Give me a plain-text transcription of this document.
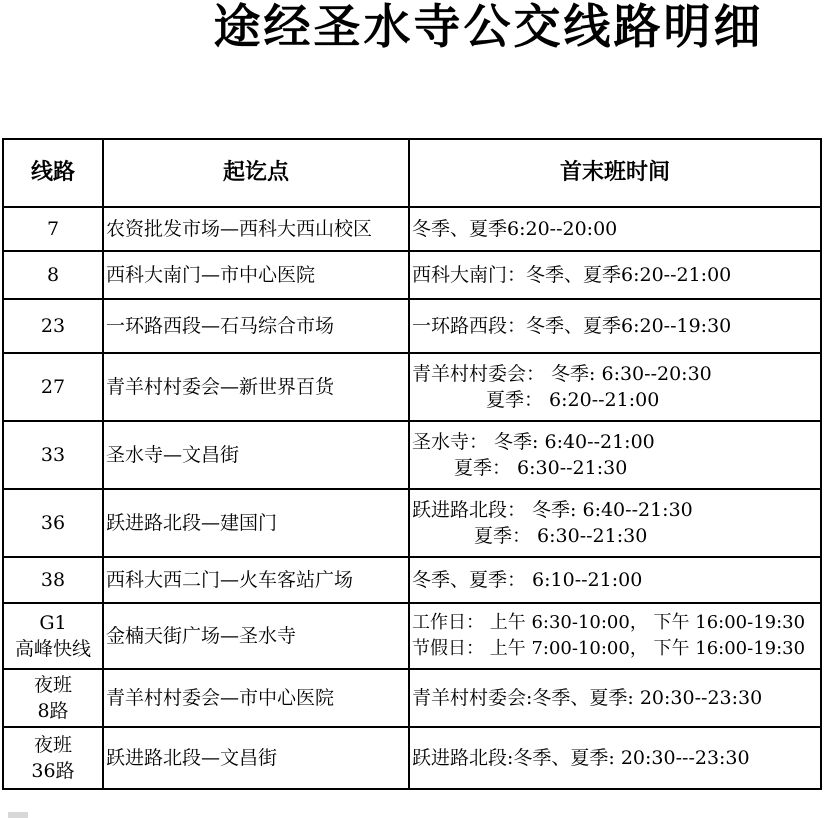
途经圣水寺公交线路明细
线路	起讫点	首末班时间
7	农资批发市场—西科大西山校区	冬季、夏季6:20--20:00
8	西科大南门—市中心医院	西科大南门：冬季、夏季6:20--21:00
23	一环路西段—石马综合市场	一环路西段：冬季、夏季6:20--19:30
27	青羊村村委会—新世界百货	青羊村村委会： 冬季: 6:30--20:30
夏季： 6:20--21:00

33	圣水寺—文昌街	圣水寺： 冬季: 6:40--21:00
夏季： 6:30--21:30

36	跃进路北段—建国门	跃进路北段： 冬季: 6:40--21:30
夏季： 6:30--21:30

38	西科大西二门—火车客站广场	冬季、夏季： 6:10--21:00

G1
高峰快线	金楠天街广场—圣水寺	工作日： 上午 6:30-10:00， 下午 16:00-19:30
节假日： 上午 7:00-10:00， 下午 16:00-19:30

夜班
8路	青羊村村委会—市中心医院	青羊村村委会:冬季、夏季: 20:30--23:30

夜班
36路	跃进路北段—文昌街	跃进路北段:冬季、夏季: 20:30---23:30
